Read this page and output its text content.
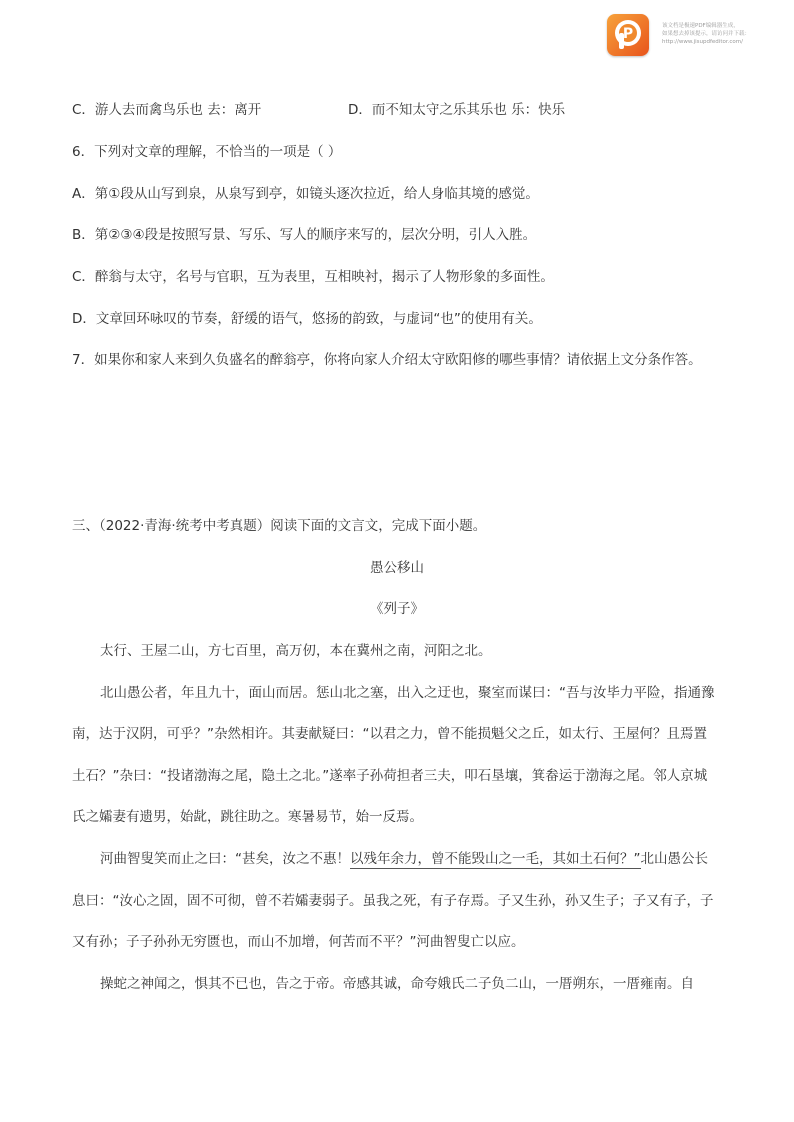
P	该文档是极速PDF编辑器生成，
如果想去掉该提示，请访问并下载：
http://www.jisupdfeditor.com/
C．游人去而禽鸟乐也 去：离开	D．而不知太守之乐其乐也 乐：快乐
6．下列对文章的理解，不恰当的一项是（ ）
A．第①段从山写到泉，从泉写到亭，如镜头逐次拉近，给人身临其境的感觉。
B．第②③④段是按照写景、写乐、写人的顺序来写的，层次分明，引人入胜。
C．醉翁与太守，名号与官职，互为表里，互相映衬，揭示了人物形象的多面性。
D．文章回环咏叹的节奏，舒缓的语气，悠扬的韵致，与虚词“也”的使用有关。
7．如果你和家人来到久负盛名的醉翁亭，你将向家人介绍太守欧阳修的哪些事情？请依据上文分条作答。
三、（2022·青海·统考中考真题）阅读下面的文言文，完成下面小题。
愚公移山
《列子》
太行、王屋二山，方七百里，高万仞，本在冀州之南，河阳之北。
北山愚公者，年且九十，面山而居。惩山北之塞，出入之迂也，聚室而谋曰：“吾与汝毕力平险，指通豫
南，达于汉阴，可乎？”杂然相许。其妻献疑曰：“以君之力，曾不能损魁父之丘，如太行、王屋何？且焉置
土石？”杂曰：“投诸渤海之尾，隐土之北。”遂率子孙荷担者三夫，叩石垦壤，箕畚运于渤海之尾。邻人京城
氏之孀妻有遗男，始龀，跳往助之。寒暑易节，始一反焉。
河曲智叟笑而止之曰：“甚矣，汝之不惠！以残年余力，曾不能毁山之一毛，其如土石何？”北山愚公长
息曰：“汝心之固，固不可彻，曾不若孀妻弱子。虽我之死，有子存焉。子又生孙，孙又生子；子又有子，子
又有孙；子子孙孙无穷匮也，而山不加增，何苦而不平？”河曲智叟亡以应。
操蛇之神闻之，惧其不已也，告之于帝。帝感其诚，命夸娥氏二子负二山，一厝朔东，一厝雍南。自
